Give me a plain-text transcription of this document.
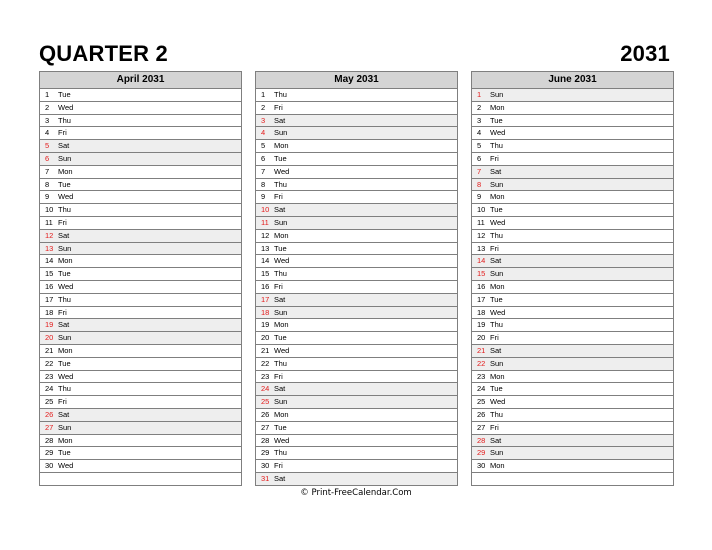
QUARTER 2	2031
April 2031
1 Tue
2 Wed
3 Thu
4 Fri
5 Sat
6 Sun
7 Mon
8 Tue
9 Wed
10 Thu
11 Fri
12 Sat
13 Sun
14 Mon
15 Tue
16 Wed
17 Thu
18 Fri
19 Sat
20 Sun
21 Mon
22 Tue
23 Wed
24 Thu
25 Fri
26 Sat
27 Sun
28 Mon
29 Tue
30 Wed
May 2031
1 Thu
2 Fri
3 Sat
4 Sun
5 Mon
6 Tue
7 Wed
8 Thu
9 Fri
10 Sat
11 Sun
12 Mon
13 Tue
14 Wed
15 Thu
16 Fri
17 Sat
18 Sun
19 Mon
20 Tue
21 Wed
22 Thu
23 Fri
24 Sat
25 Sun
26 Mon
27 Tue
28 Wed
29 Thu
30 Fri
31 Sat
June 2031
1 Sun
2 Mon
3 Tue
4 Wed
5 Thu
6 Fri
7 Sat
8 Sun
9 Mon
10 Tue
11 Wed
12 Thu
13 Fri
14 Sat
15 Sun
16 Mon
17 Tue
18 Wed
19 Thu
20 Fri
21 Sat
22 Sun
23 Mon
24 Tue
25 Wed
26 Thu
27 Fri
28 Sat
29 Sun
30 Mon
© Print-FreeCalendar.Com
